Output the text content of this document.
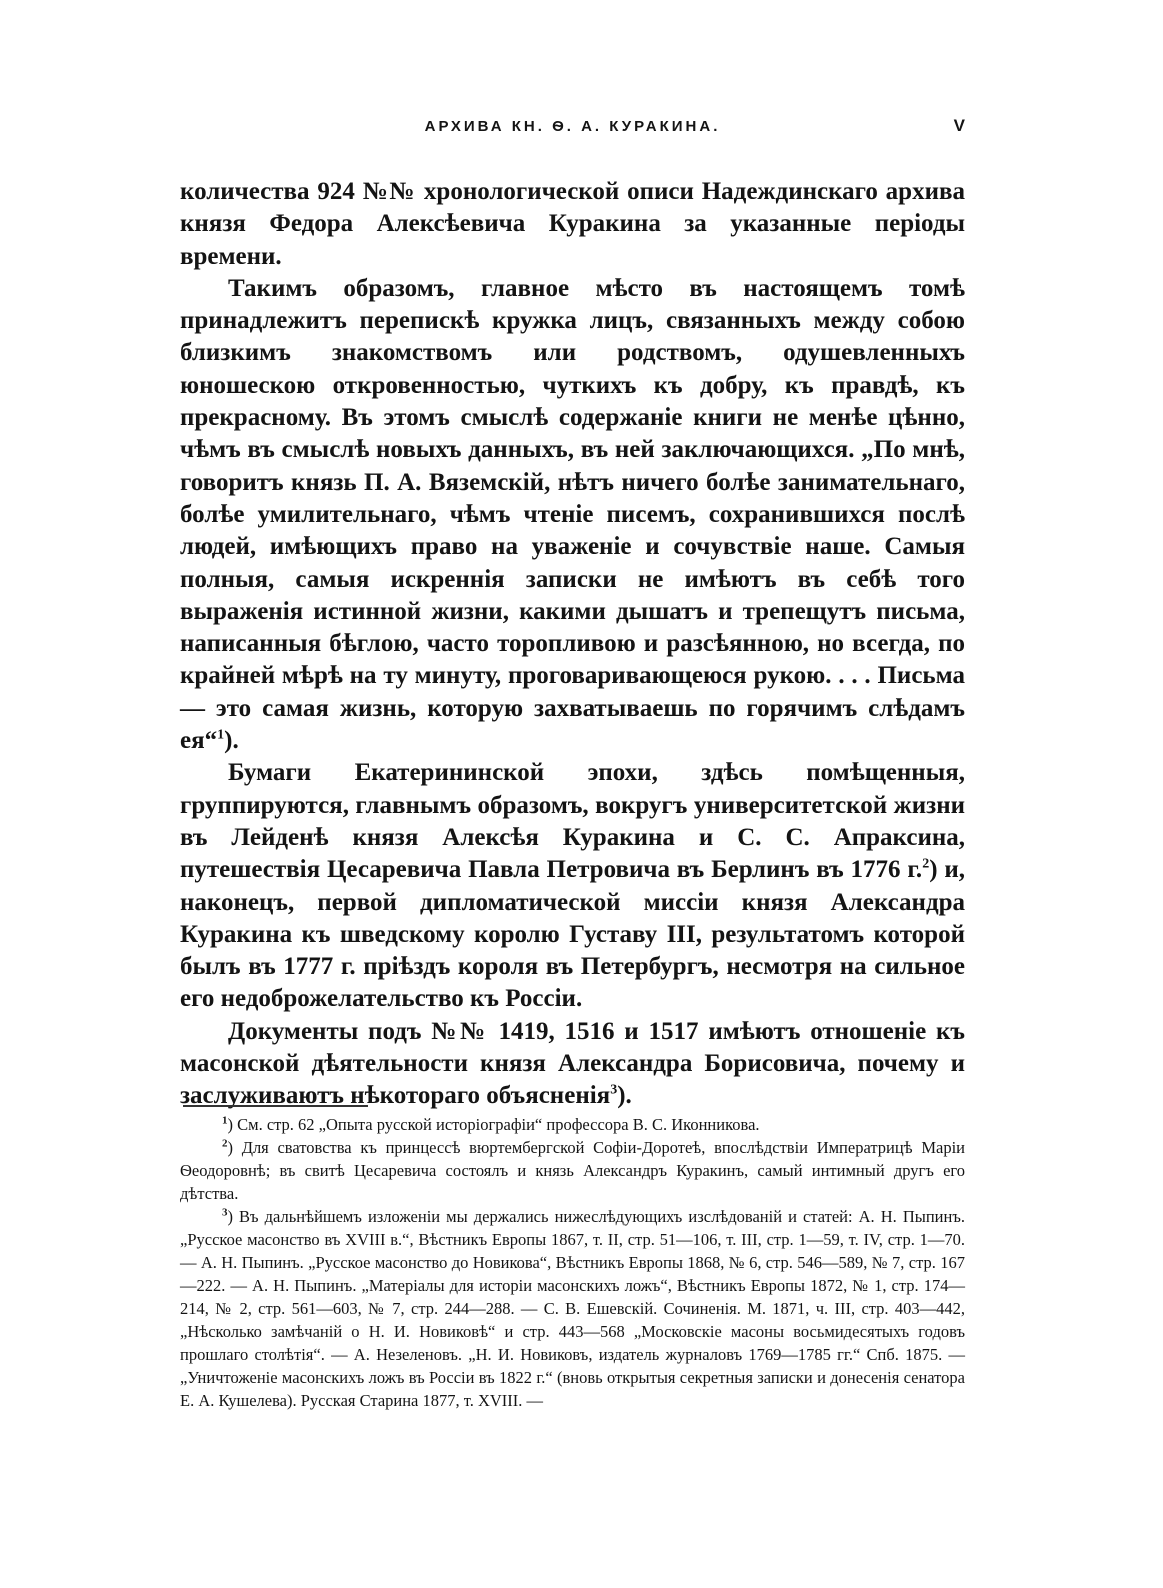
АРХИВА КН. Ѳ. А. КУРАКИНА.	V

количества 924 №№ хронологической описи Надеждинскаго архива князя Федора Алексѣевича Куракина за указанные періоды времени.

Такимъ образомъ, главное мѣсто въ настоящемъ томѣ принадлежитъ перепискѣ кружка лицъ, связанныхъ между собою близкимъ знакомствомъ или родствомъ, одушевленныхъ юношескою откровенностью, чуткихъ къ добру, къ правдѣ, къ прекрасному. Въ этомъ смыслѣ содержаніе книги не менѣе цѣнно, чѣмъ въ смыслѣ новыхъ данныхъ, въ ней заключающихся. „По мнѣ, говоритъ князь П. А. Вяземскій, нѣтъ ничего болѣе занимательнаго, болѣе умилительнаго, чѣмъ чтеніе писемъ, сохранившихся послѣ людей, имѣющихъ право на уваженіе и сочувствіе наше. Самыя полныя, самыя искреннія записки не имѣютъ въ себѣ того выраженія истинной жизни, какими дышатъ и трепещутъ письма, написанныя бѣглою, часто торопливою и разсѣянною, но всегда, по крайней мѣрѣ на ту минуту, проговаривающеюся рукою. . . . Письма — это самая жизнь, которую захватываешь по горячимъ слѣдамъ ея“$^1$).

Бумаги Екатерининской эпохи, здѣсь помѣщенныя, группируются, главнымъ образомъ, вокругъ университетской жизни въ Лейденѣ князя Алексѣя Куракина и С. С. Апраксина, путешествія Цесаревича Павла Петровича въ Берлинъ въ 1776 г.$^2$) и, наконецъ, первой дипломатической миссіи князя Александра Куракина къ шведскому королю Густаву III, результатомъ которой былъ въ 1777 г. пріѣздъ короля въ Петербургъ, несмотря на сильное его недоброжелательство къ Россіи.

Документы подъ №№ 1419, 1516 и 1517 имѣютъ отношеніе къ масонской дѣятельности князя Александра Борисовича, почему и заслуживаютъ нѣкотораго объясненія$^3$).

$^1$) См. стр. 62 „Опыта русской исторіографіи“ профессора В. С. Иконникова.

$^2$) Для сватовства къ принцессѣ вюртембергской Софіи-Доротеѣ, впослѣдствіи Императрицѣ Маріи Ѳеодоровнѣ; въ свитѣ Цесаревича состоялъ и князь Александръ Куракинъ, самый интимный другъ его дѣтства.

$^3$) Въ дальнѣйшемъ изложеніи мы держались нижеслѣдующихъ изслѣдованій и статей: А. Н. Пыпинъ. „Русское масонство въ XVIII в.“, Вѣстникъ Европы 1867, т. II, стр. 51—106, т. III, стр. 1—59, т. IV, стр. 1—70. — А. Н. Пыпинъ. „Русское масонство до Новикова“, Вѣстникъ Европы 1868, № 6, стр. 546—589, № 7, стр. 167—222. — А. Н. Пыпинъ. „Матеріалы для исторіи масонскихъ ложъ“, Вѣстникъ Европы 1872, № 1, стр. 174—214, № 2, стр. 561—603, № 7, стр. 244—288. — С. В. Ешевскій. Сочиненія. М. 1871, ч. III, стр. 403—442, „Нѣсколько замѣчаній о Н. И. Новиковѣ“ и стр. 443—568 „Московскіе масоны восьмидесятыхъ годовъ прошлаго столѣтія“. — А. Незеленовъ. „Н. И. Новиковъ, издатель журналовъ 1769—1785 гг.“ Спб. 1875. — „Уничтоженіе масонскихъ ложъ въ Россіи въ 1822 г.“ (вновь открытыя секретныя записки и донесенія сенатора Е. А. Кушелева). Русская Старина 1877, т. XVIII. —
